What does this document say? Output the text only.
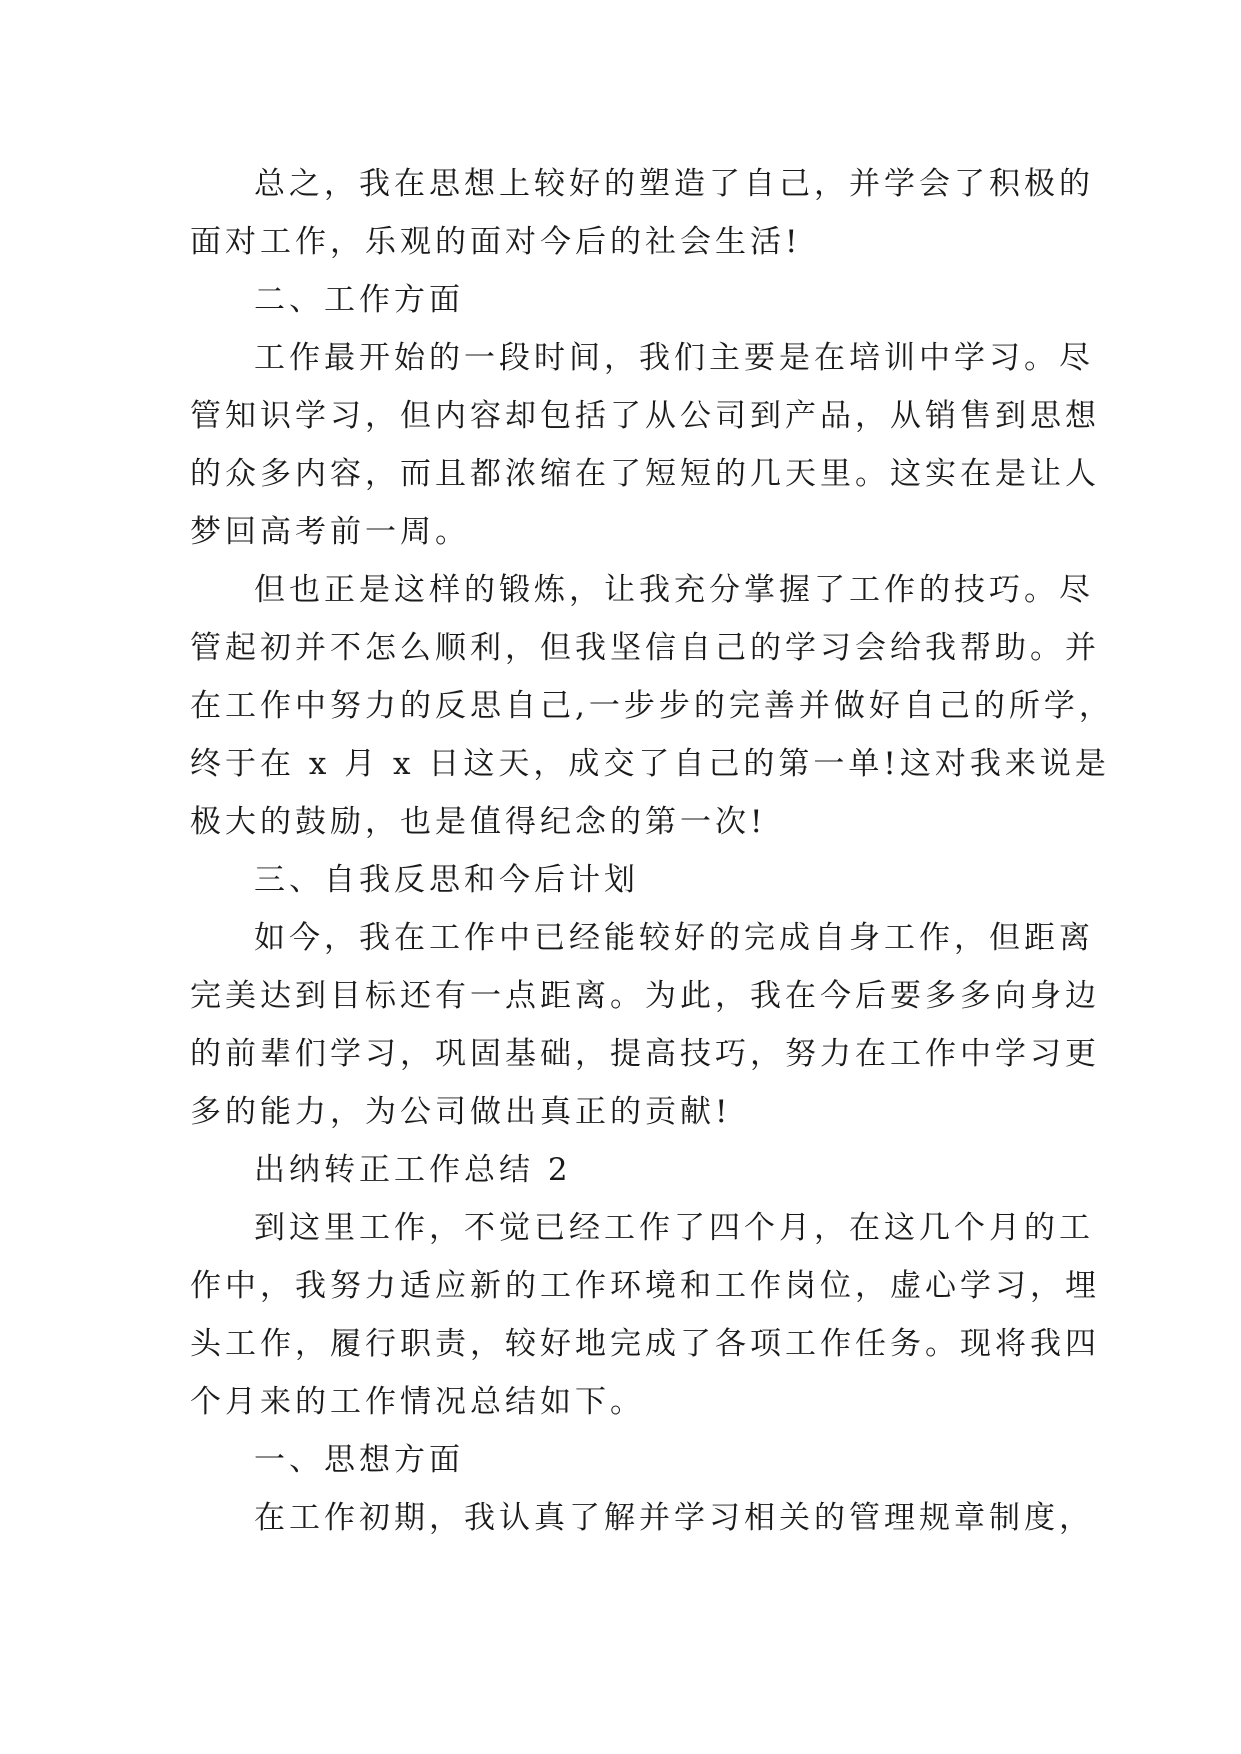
总之，我在思想上较好的塑造了自己，并学会了积极的
面对工作，乐观的面对今后的社会生活!
二、工作方面
工作最开始的一段时间，我们主要是在培训中学习。尽
管知识学习，但内容却包括了从公司到产品，从销售到思想
的众多内容，而且都浓缩在了短短的几天里。这实在是让人
梦回高考前一周。
但也正是这样的锻炼，让我充分掌握了工作的技巧。尽
管起初并不怎么顺利，但我坚信自己的学习会给我帮助。并
在工作中努力的反思自己,一步步的完善并做好自己的所学，
终于在 x 月 x 日这天，成交了自己的第一单!这对我来说是
极大的鼓励，也是值得纪念的第一次!
三、自我反思和今后计划
如今，我在工作中已经能较好的完成自身工作，但距离
完美达到目标还有一点距离。为此，我在今后要多多向身边
的前辈们学习，巩固基础，提高技巧，努力在工作中学习更
多的能力，为公司做出真正的贡献!
出纳转正工作总结 2
到这里工作，不觉已经工作了四个月，在这几个月的工
作中，我努力适应新的工作环境和工作岗位，虚心学习，埋
头工作，履行职责，较好地完成了各项工作任务。现将我四
个月来的工作情况总结如下。
一、思想方面
在工作初期，我认真了解并学习相关的管理规章制度，
